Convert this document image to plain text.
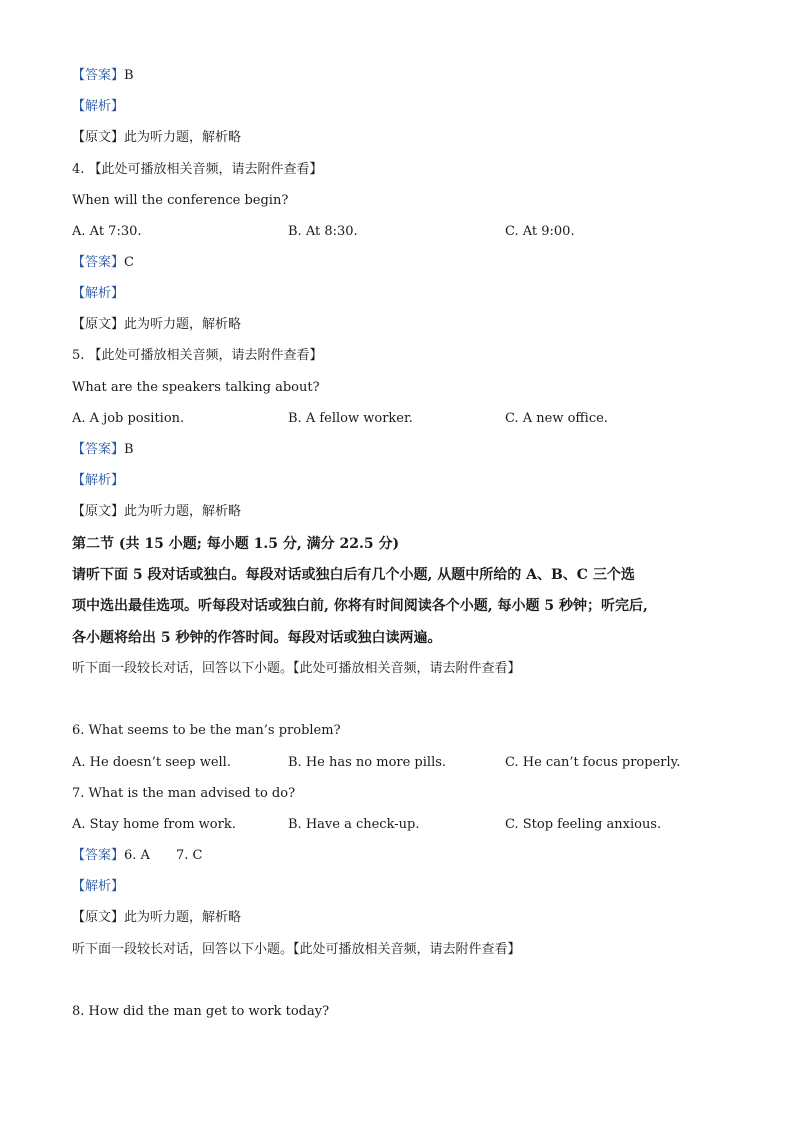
【答案】B
【解析】
【原文】此为听力题，解析略
4. 【此处可播放相关音频，请去附件查看】
When will the conference begin?
A. At 7:30.	B. At 8:30.	C. At 9:00.
【答案】C
【解析】
【原文】此为听力题，解析略
5. 【此处可播放相关音频，请去附件查看】
What are the speakers talking about?
A. A job position.	B. A fellow worker.	C. A new office.
【答案】B
【解析】
【原文】此为听力题，解析略
第二节 (共 15 小题; 每小题 1.5 分, 满分 22.5 分)
请听下面 5 段对话或独白。每段对话或独白后有几个小题, 从题中所给的 A、B、C 三个选
项中选出最佳选项。听每段对话或独白前, 你将有时间阅读各个小题, 每小题 5 秒钟；听完后,
各小题将给出 5 秒钟的作答时间。每段对话或独白读两遍。
听下面一段较长对话，回答以下小题。【此处可播放相关音频，请去附件查看】
6. What seems to be the man’s problem?
A. He doesn’t seep well.	B. He has no more pills.	C. He can’t focus properly.
7. What is the man advised to do?
A. Stay home from work.	B. Have a check-up.	C. Stop feeling anxious.
【答案】6. A 7. C
【解析】
【原文】此为听力题，解析略
听下面一段较长对话，回答以下小题。【此处可播放相关音频，请去附件查看】
8. How did the man get to work today?
